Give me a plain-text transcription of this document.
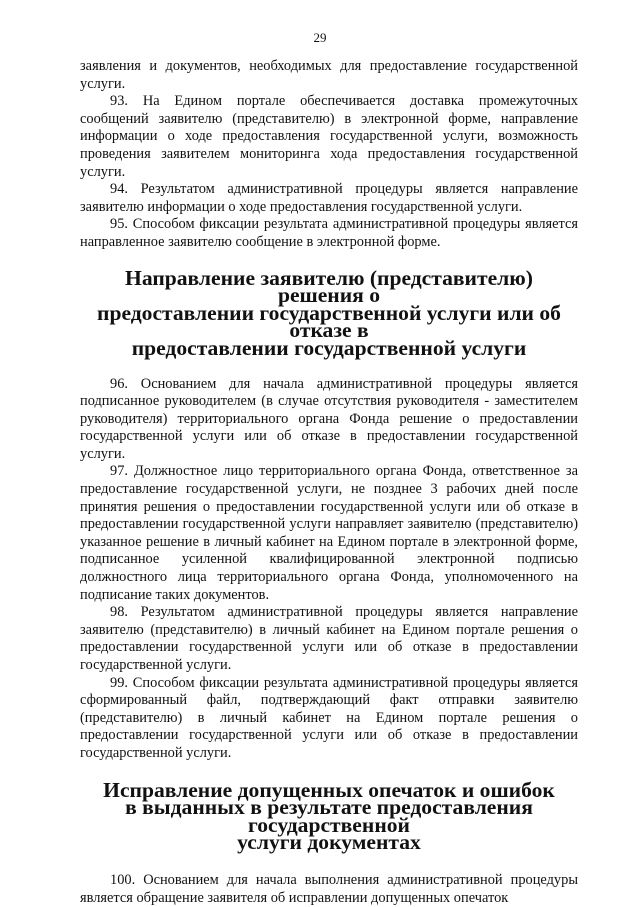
29

заявления и документов, необходимых для предоставление государственной услуги.

93. На Едином портале обеспечивается доставка промежуточных сообщений заявителю (представителю) в электронной форме, направление информации о ходе предоставления государственной услуги, возможность проведения заявителем мониторинга хода предоставления государственной услуги.

94. Результатом административной процедуры является направление заявителю информации о ходе предоставления государственной услуги.

95. Способом фиксации результата административной процедуры является направленное заявителю сообщение в электронной форме.

Направление заявителю (представителю) решения о
предоставлении государственной услуги или об отказе в
предоставлении государственной услуги

96. Основанием для начала административной процедуры является подписанное руководителем (в случае отсутствия руководителя - заместителем руководителя) территориального органа Фонда решение о предоставлении государственной услуги или об отказе в предоставлении государственной услуги.

97. Должностное лицо территориального органа Фонда, ответственное за предоставление государственной услуги, не позднее 3 рабочих дней после принятия решения о предоставлении государственной услуги или об отказе в предоставлении государственной услуги направляет заявителю (представителю) указанное решение в личный кабинет на Едином портале в электронной форме, подписанное усиленной квалифицированной электронной подписью должностного лица территориального органа Фонда, уполномоченного на подписание таких документов.

98. Результатом административной процедуры является направление заявителю (представителю) в личный кабинет на Едином портале решения о предоставлении государственной услуги или об отказе в предоставлении государственной услуги.

99. Способом фиксации результата административной процедуры является сформированный файл, подтверждающий факт отправки заявителю (представителю) в личный кабинет на Едином портале решения о предоставлении государственной услуги или об отказе в предоставлении государственной услуги.

Исправление допущенных опечаток и ошибок
в выданных в результате предоставления государственной
услуги документах

100. Основанием для начала выполнения административной процедуры является обращение заявителя об исправлении допущенных опечаток
